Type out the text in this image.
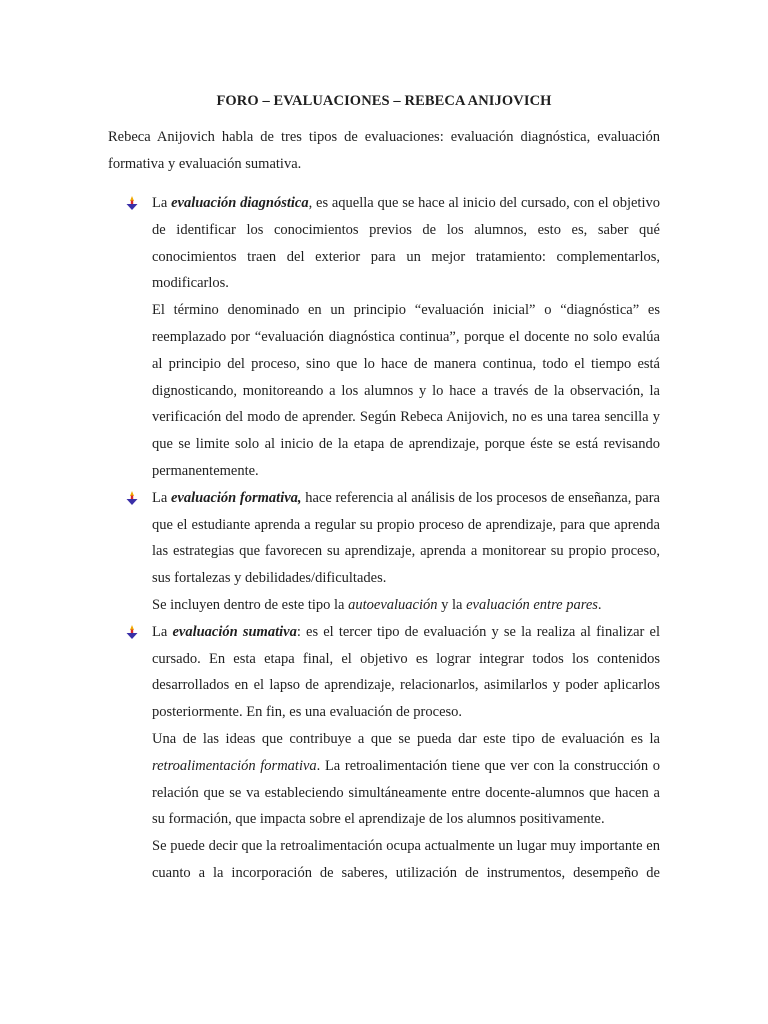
FORO – EVALUACIONES – REBECA ANIJOVICH

Rebeca Anijovich habla de tres tipos de evaluaciones: evaluación diagnóstica, evaluación formativa y evaluación sumativa.

La evaluación diagnóstica, es aquella que se hace al inicio del cursado, con el objetivo de identificar los conocimientos previos de los alumnos, esto es, saber qué conocimientos traen del exterior para un mejor tratamiento: complementarlos, modificarlos.

El término denominado en un principio “evaluación inicial” o “diagnóstica” es reemplazado por “evaluación diagnóstica continua”, porque el docente no solo evalúa al principio del proceso, sino que lo hace de manera continua, todo el tiempo está dignosticando, monitoreando a los alumnos y lo hace a través de la observación, la verificación del modo de aprender. Según Rebeca Anijovich, no es una tarea sencilla y que se limite solo al inicio de la etapa de aprendizaje, porque éste se está revisando permanentemente.

La evaluación formativa, hace referencia al análisis de los procesos de enseñanza, para que el estudiante aprenda a regular su propio proceso de aprendizaje, para que aprenda las estrategias que favorecen su aprendizaje, aprenda a monitorear su propio proceso, sus fortalezas y debilidades/dificultades.

Se incluyen dentro de este tipo la autoevaluación y la evaluación entre pares.

La evaluación sumativa: es el tercer tipo de evaluación y se la realiza al finalizar el cursado. En esta etapa final, el objetivo es lograr integrar todos los contenidos desarrollados en el lapso de aprendizaje, relacionarlos, asimilarlos y poder aplicarlos posteriormente. En fin, es una evaluación de proceso.

Una de las ideas que contribuye a que se pueda dar este tipo de evaluación es la retroalimentación formativa. La retroalimentación tiene que ver con la construcción o relación que se va estableciendo simultáneamente entre docente-alumnos que hacen a su formación, que impacta sobre el aprendizaje de los alumnos positivamente.

Se puede decir que la retroalimentación ocupa actualmente un lugar muy importante en cuanto a la incorporación de saberes, utilización de instrumentos, desempeño de
